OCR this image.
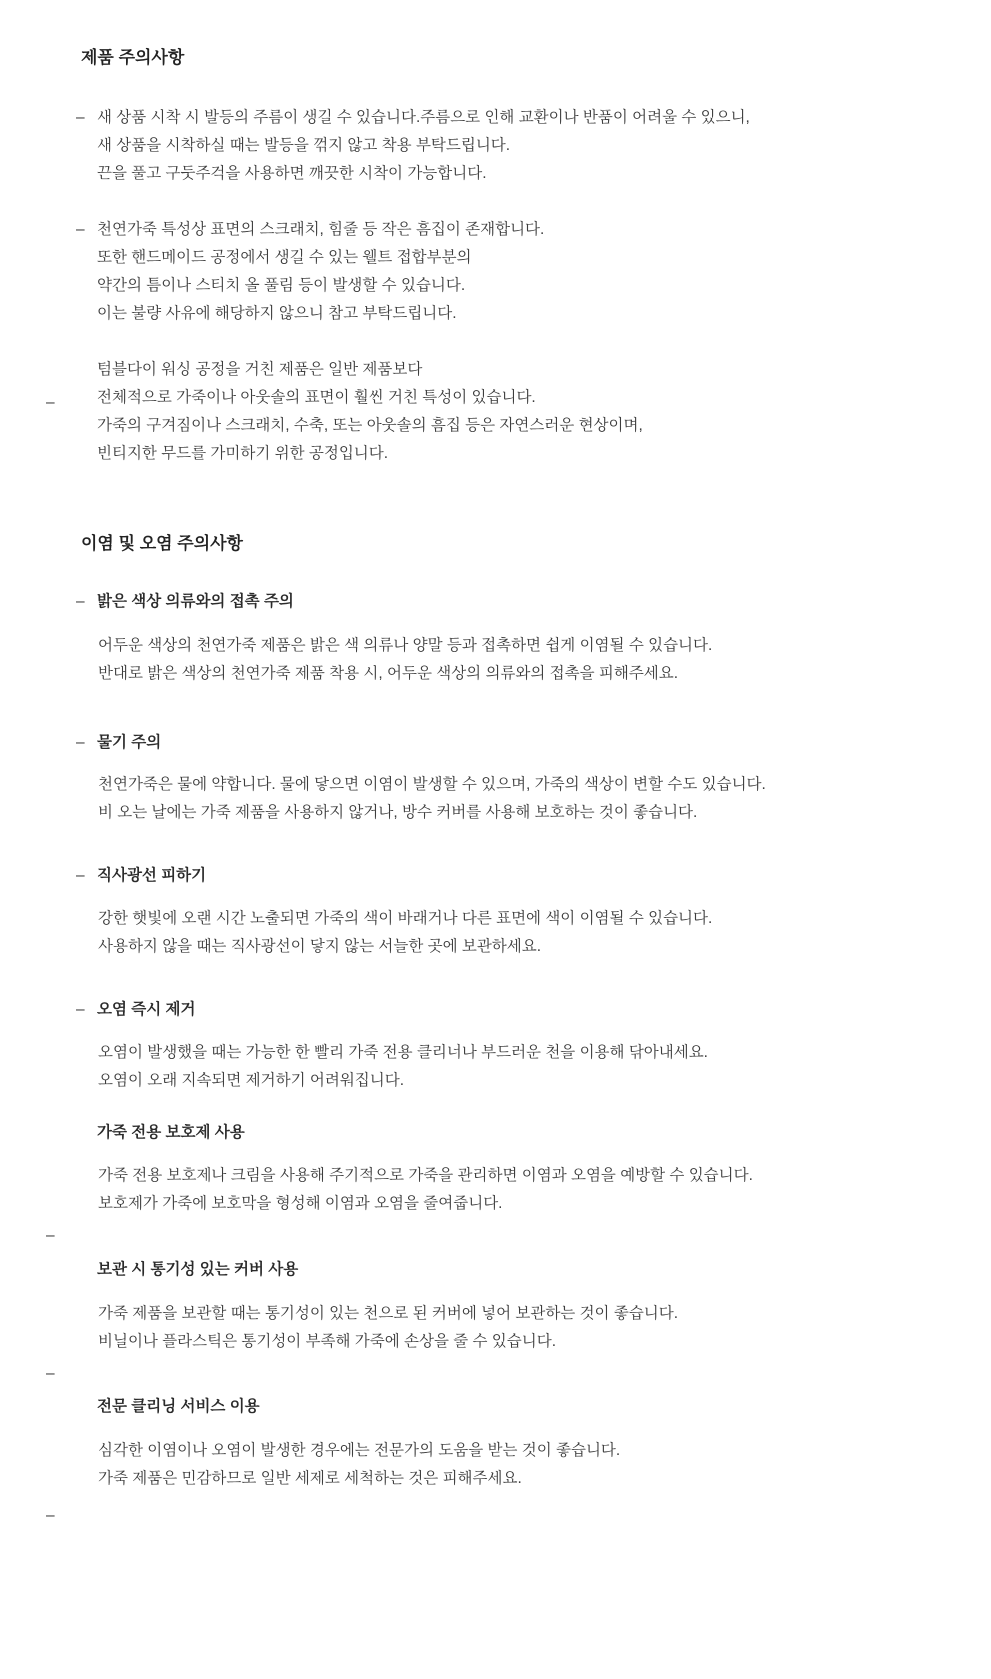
제품 주의사항
– 새 상품 시착 시 발등의 주름이 생길 수 있습니다.주름으로 인해 교환이나 반품이 어려울 수 있으니,
새 상품을 시착하실 때는 발등을 꺾지 않고 착용 부탁드립니다.
끈을 풀고 구둣주걱을 사용하면 깨끗한 시착이 가능합니다.
– 천연가죽 특성상 표면의 스크래치, 힘줄 등 작은 흠집이 존재합니다.
또한 핸드메이드 공정에서 생길 수 있는 웰트 접합부분의
약간의 틈이나 스티치 올 풀림 등이 발생할 수 있습니다.
이는 불량 사유에 해당하지 않으니 참고 부탁드립니다.
–
텀블다이 워싱 공정을 거친 제품은 일반 제품보다
전체적으로 가죽이나 아웃솔의 표면이 훨씬 거친 특성이 있습니다.
가죽의 구겨짐이나 스크래치, 수축, 또는 아웃솔의 흠집 등은 자연스러운 현상이며,
빈티지한 무드를 가미하기 위한 공정입니다.
이염 및 오염 주의사항
– 밝은 색상 의류와의 접촉 주의
어두운 색상의 천연가죽 제품은 밝은 색 의류나 양말 등과 접촉하면 쉽게 이염될 수 있습니다.
반대로 밝은 색상의 천연가죽 제품 착용 시, 어두운 색상의 의류와의 접촉을 피해주세요.
– 물기 주의
천연가죽은 물에 약합니다. 물에 닿으면 이염이 발생할 수 있으며, 가죽의 색상이 변할 수도 있습니다.
비 오는 날에는 가죽 제품을 사용하지 않거나, 방수 커버를 사용해 보호하는 것이 좋습니다.
– 직사광선 피하기
강한 햇빛에 오랜 시간 노출되면 가죽의 색이 바래거나 다른 표면에 색이 이염될 수 있습니다.
사용하지 않을 때는 직사광선이 닿지 않는 서늘한 곳에 보관하세요.
– 오염 즉시 제거
오염이 발생했을 때는 가능한 한 빨리 가죽 전용 클리너나 부드러운 천을 이용해 닦아내세요.
오염이 오래 지속되면 제거하기 어려워집니다.
가죽 전용 보호제 사용
가죽 전용 보호제나 크림을 사용해 주기적으로 가죽을 관리하면 이염과 오염을 예방할 수 있습니다.
보호제가 가죽에 보호막을 형성해 이염과 오염을 줄여줍니다.
–
보관 시 통기성 있는 커버 사용
가죽 제품을 보관할 때는 통기성이 있는 천으로 된 커버에 넣어 보관하는 것이 좋습니다.
비닐이나 플라스틱은 통기성이 부족해 가죽에 손상을 줄 수 있습니다.
–
전문 클리닝 서비스 이용
심각한 이염이나 오염이 발생한 경우에는 전문가의 도움을 받는 것이 좋습니다.
가죽 제품은 민감하므로 일반 세제로 세척하는 것은 피해주세요.
–
